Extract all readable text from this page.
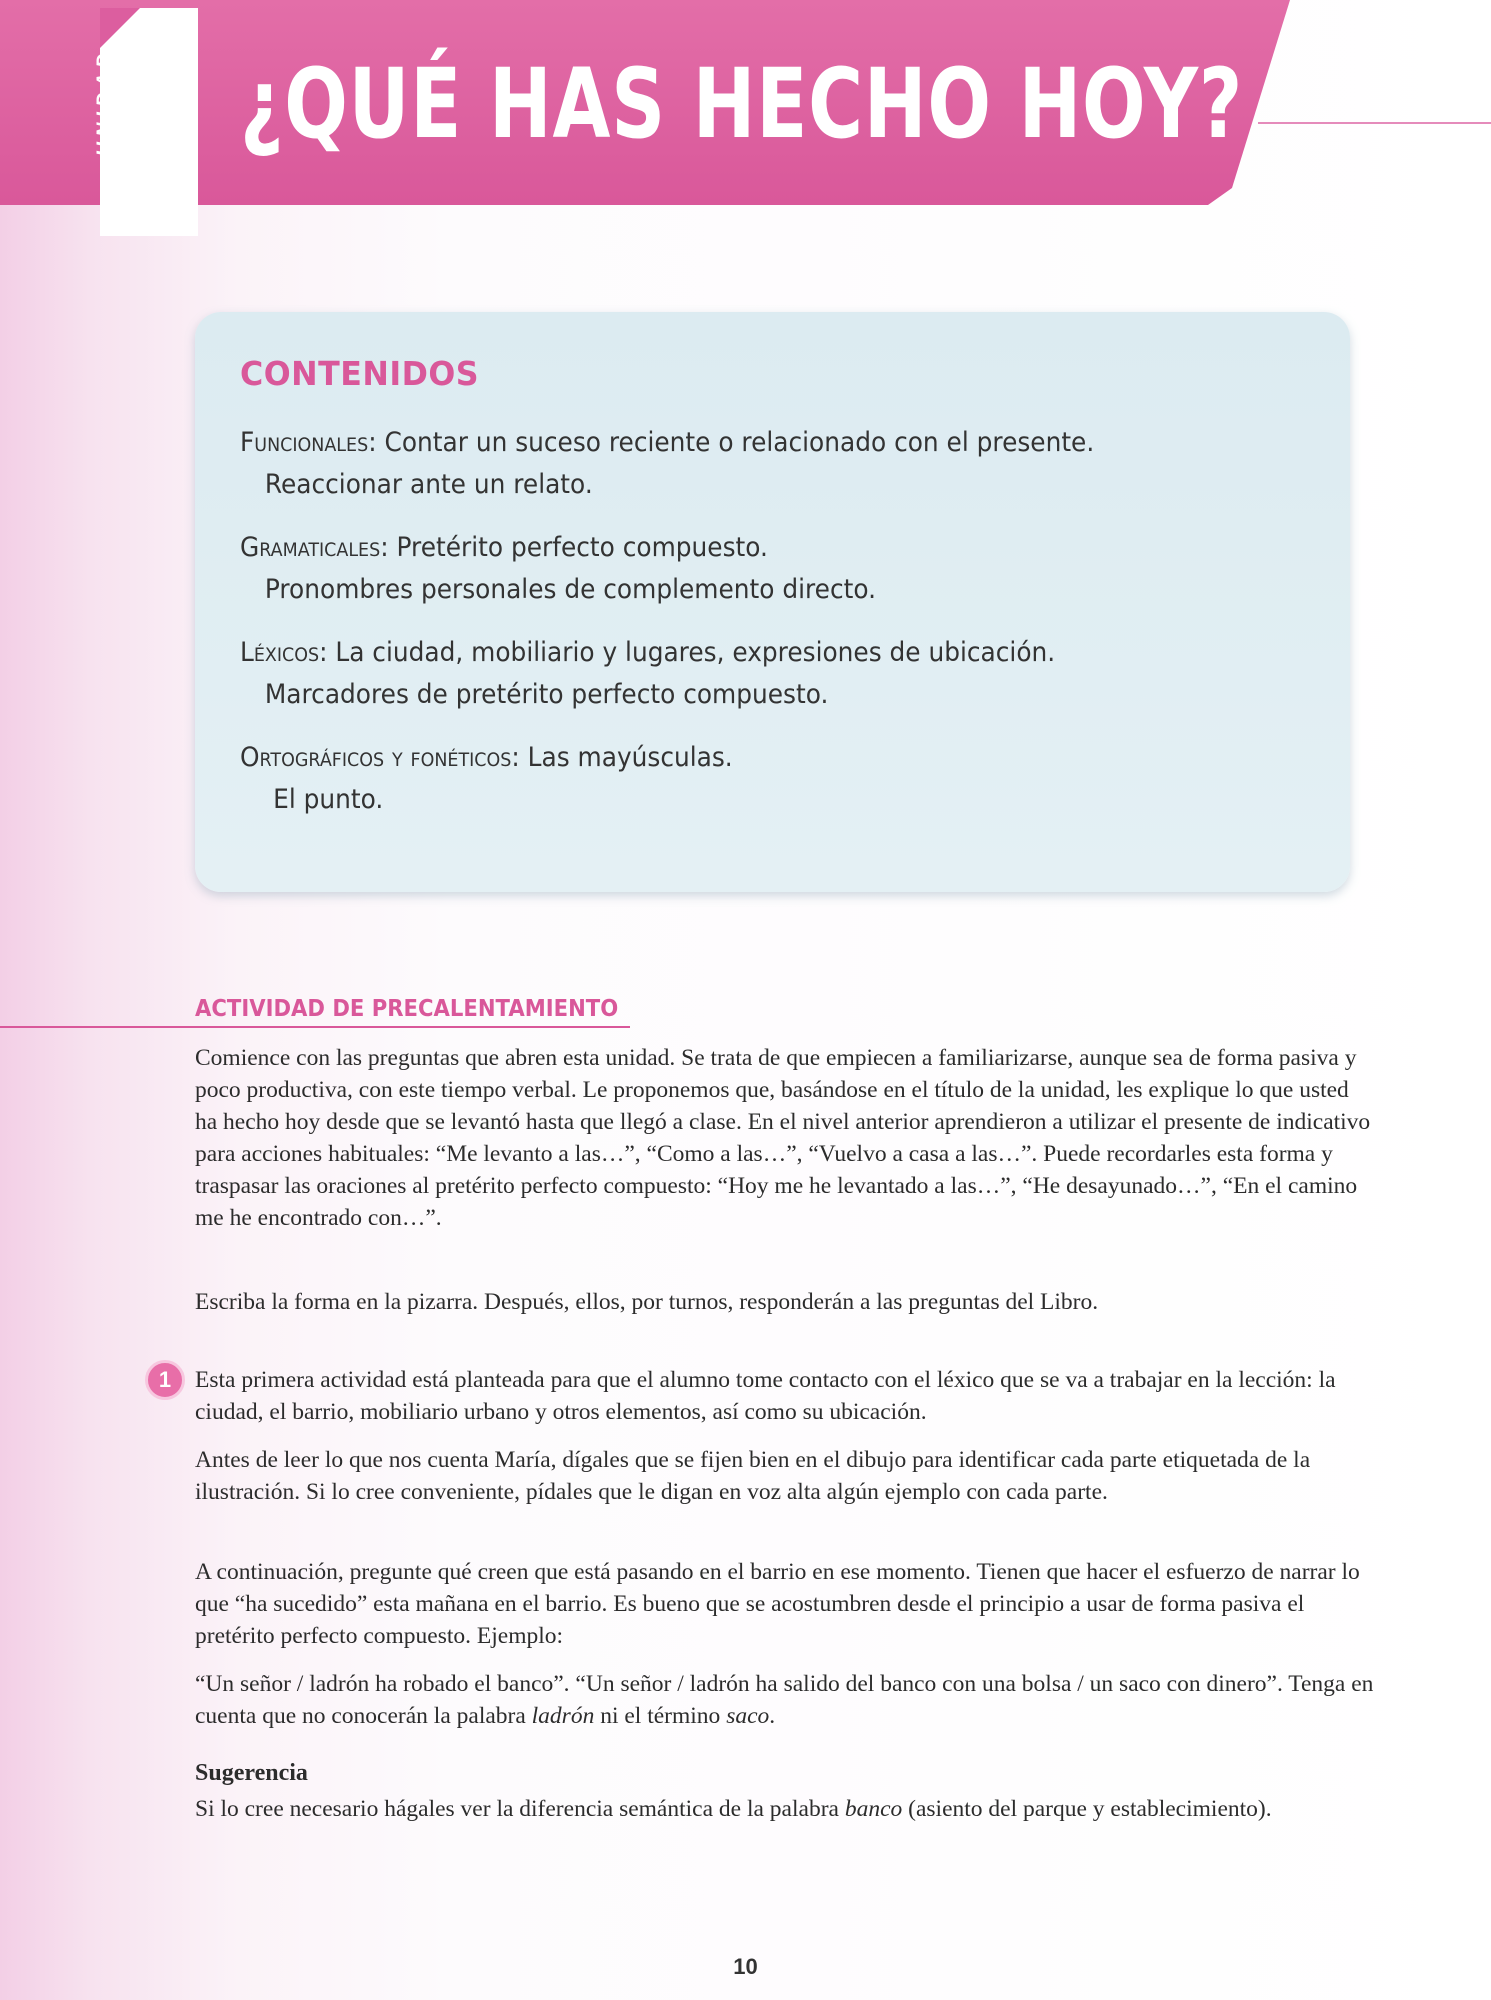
UNIDAD ¿QUÉ HAS HECHO HOY?
CONTENIDOS
Funcionales: Contar un suceso reciente o relacionado con el presente.
Reaccionar ante un relato.
Gramaticales: Pretérito perfecto compuesto.
Pronombres personales de complemento directo.
Léxicos: La ciudad, mobiliario y lugares, expresiones de ubicación.
Marcadores de pretérito perfecto compuesto.
Ortográficos y fonéticos: Las mayúsculas.
El punto.
ACTIVIDAD DE PRECALENTAMIENTO

Comience con las preguntas que abren esta unidad. Se trata de que empiecen a familiarizarse, aunque sea de forma pasiva y poco productiva, con este tiempo verbal. Le proponemos que, basándose en el título de la unidad, les explique lo que usted ha hecho hoy desde que se levantó hasta que llegó a clase. En el nivel anterior aprendieron a utilizar el presente de indicativo para acciones habituales: “Me levanto a las…”, “Como a las…”, “Vuelvo a casa a las…”. Puede recordarles esta forma y traspasar las oraciones al pretérito perfecto compuesto: “Hoy me he levantado a las…”, “He desayunado…”, “En el camino me he encontrado con…”.

Escriba la forma en la pizarra. Después, ellos, por turnos, responderán a las preguntas del Libro.

1	Esta primera actividad está planteada para que el alumno tome contacto con el léxico que se va a trabajar en la lección: la ciudad, el barrio, mobiliario urbano y otros elementos, así como su ubicación.

Antes de leer lo que nos cuenta María, dígales que se fijen bien en el dibujo para identificar cada parte etiquetada de la ilustración. Si lo cree conveniente, pídales que le digan en voz alta algún ejemplo con cada parte.

A continuación, pregunte qué creen que está pasando en el barrio en ese momento. Tienen que hacer el esfuerzo de narrar lo que “ha sucedido” esta mañana en el barrio. Es bueno que se acostumbren desde el principio a usar de forma pasiva el pretérito perfecto compuesto. Ejemplo:

“Un señor / ladrón ha robado el banco”. “Un señor / ladrón ha salido del banco con una bolsa / un saco con dinero”. Tenga en cuenta que no conocerán la palabra ladrón ni el término saco.

Sugerencia

Si lo cree necesario hágales ver la diferencia semántica de la palabra banco (asiento del parque y establecimiento).

10
